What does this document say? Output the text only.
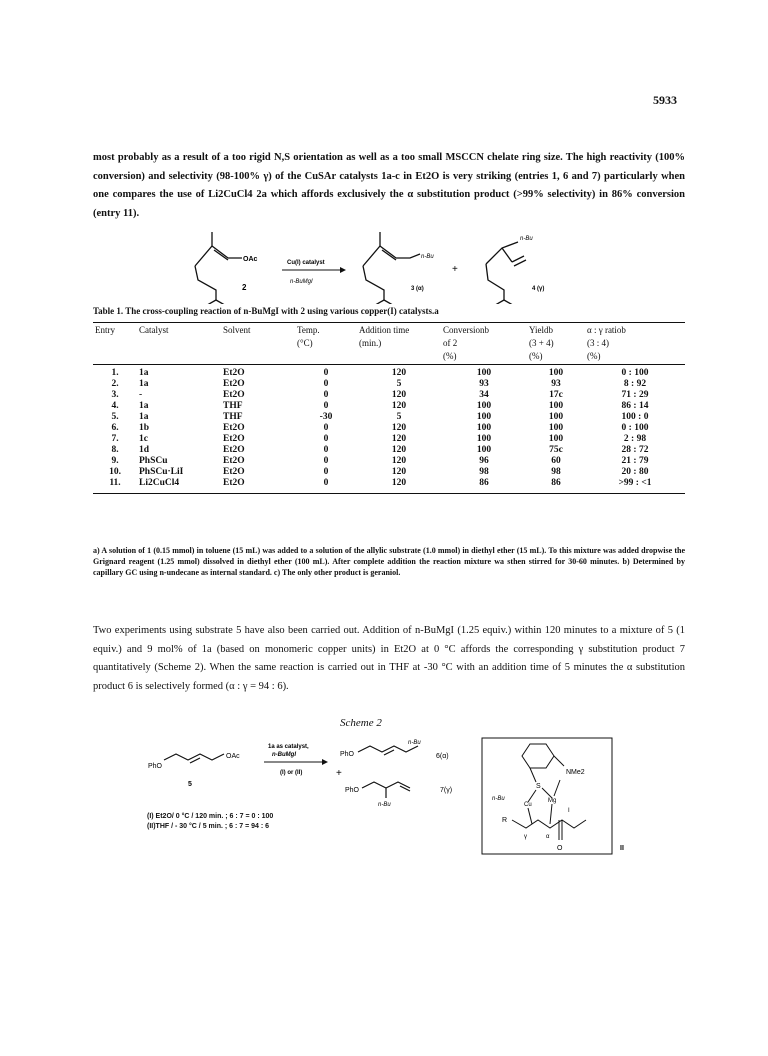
5933

most probably as a result of a too rigid N,S orientation as well as a too small MSCCN chelate ring size. The high reactivity (100% conversion) and selectivity (98-100% γ) of the CuSAr catalysts 1a-c in Et2O is very striking (entries 1, 6 and 7) particularly when one compares the use of Li2CuCl4 2a which affords exclusively the α substitution product (>99% selectivity) in 86% conversion (entry 11).

OAc
2
Cu(I) catalyst
n-BuMgI
n-Bu
3 (α)
+
n-Bu
4 (γ)
Table 1. The cross-coupling reaction of n-BuMgI with 2 using various copper(I) catalysts.a
Entry	Catalyst	Solvent	Temp.	Addition time	Conversionb	Yieldb	α : γ ratiob
			(°C)	(min.)	of 2	(3 + 4)	(3 : 4)
					(%)	(%)	(%)
1.	1a	Et2O	0	120	100	100	0 : 100
2.	1a	Et2O	0	5	93	93	8 : 92
3.	-	Et2O	0	120	34	17c	71 : 29
4.	1a	THF	0	120	100	100	86 : 14
5.	1a	THF	-30	5	100	100	100 : 0
6.	1b	Et2O	0	120	100	100	0 : 100
7.	1c	Et2O	0	120	100	100	2 : 98
8.	1d	Et2O	0	120	100	75c	28 : 72
9.	PhSCu	Et2O	0	120	96	60	21 : 79
10.	PhSCu·LiI	Et2O	0	120	98	98	20 : 80
11.	Li2CuCl4	Et2O	0	120	86	86	>99 : <1
a) A solution of 1 (0.15 mmol) in toluene (15 mL) was added to a solution of the allylic substrate (1.0 mmol) in diethyl ether (15 mL). To this mixture was added dropwise the Grignard reagent (1.25 mmol) dissolved in diethyl ether (100 mL). After complete addition the reaction mixture wa sthen stirred for 30-60 minutes. b) Determined by capillary GC using n-undecane as internal standard. c) The only other product is geraniol.

Two experiments using substrate 5 have also been carried out. Addition of n-BuMgI (1.25 equiv.) within 120 minutes to a mixture of 5 (1 equiv.) and 9 mol% of 1a (based on monomeric copper units) in Et2O at 0 °C affords the corresponding γ substitution product 7 quantitatively (Scheme 2). When the same reaction is carried out in THF at -30 °C with an addition time of 5 minutes the α substitution product 6 is selectively formed (α : γ = 94 : 6).

Scheme 2
PhO
OAc
5
1a as catalyst,
n-BuMgI
(I) or (II)
PhO
n-Bu
6(α)
+
PhO
n-Bu
7(γ)
NMe2
S
n-Bu
Cu
Mg
I
R
γ	α
O	II
(I) Et2O/ 0 °C / 120 min. ; 6 : 7 = 0 : 100
(II)THF / - 30 °C / 5 min. ; 6 : 7 = 94 : 6
